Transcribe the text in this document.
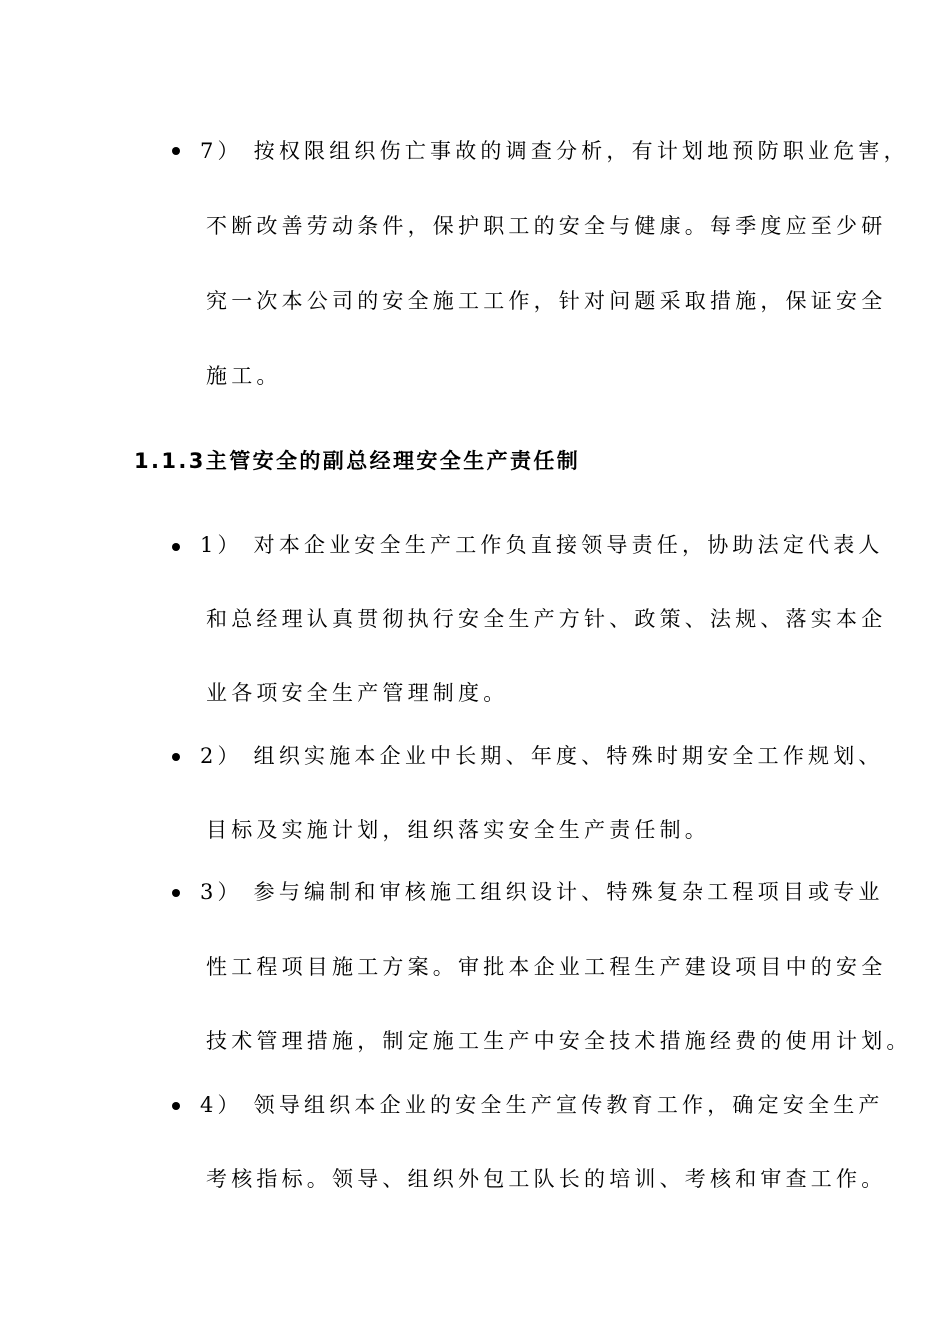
7） 按权限组织伤亡事故的调查分析，有计划地预防职业危害，
不断改善劳动条件，保护职工的安全与健康。每季度应至少研
究一次本公司的安全施工工作，针对问题采取措施，保证安全
施工。
1.1.3主管安全的副总经理安全生产责任制
1） 对本企业安全生产工作负直接领导责任，协助法定代表人
和总经理认真贯彻执行安全生产方针、政策、法规、落实本企
业各项安全生产管理制度。
2） 组织实施本企业中长期、年度、特殊时期安全工作规划、
目标及实施计划，组织落实安全生产责任制。
3） 参与编制和审核施工组织设计、特殊复杂工程项目或专业
性工程项目施工方案。审批本企业工程生产建设项目中的安全
技术管理措施，制定施工生产中安全技术措施经费的使用计划。
4） 领导组织本企业的安全生产宣传教育工作，确定安全生产
考核指标。领导、组织外包工队长的培训、考核和审查工作。
